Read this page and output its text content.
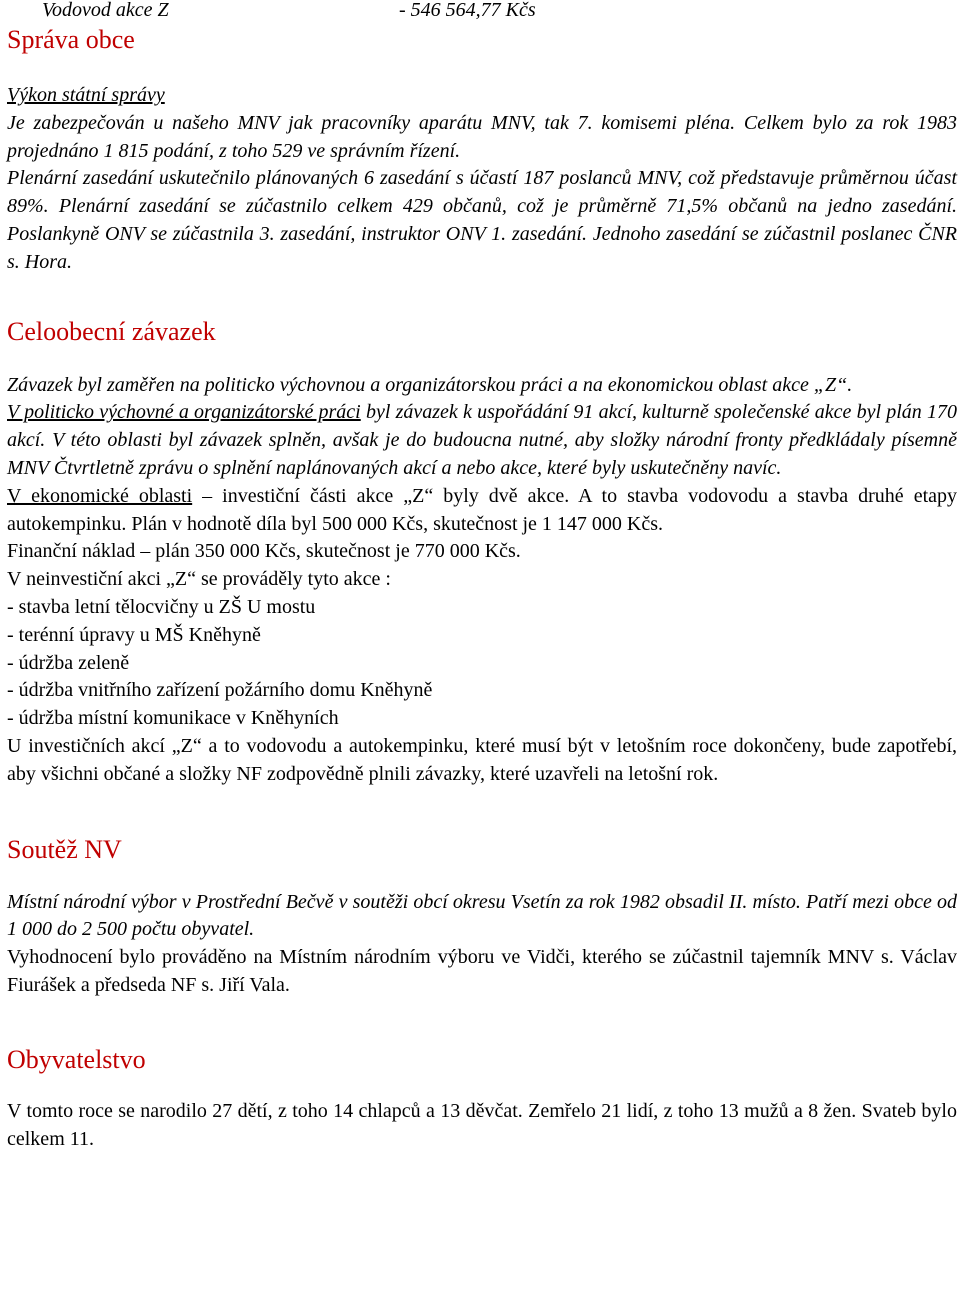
Vodovod akce Z	- 546 564,77 Kčs
Správa obce

Výkon státní správy

Je zabezpečován u našeho MNV jak pracovníky aparátu MNV, tak 7. komisemi pléna. Celkem bylo za rok 1983 projednáno 1 815 podání, z toho 529 ve správním řízení.

Plenární zasedání uskutečnilo plánovaných 6 zasedání s účastí 187 poslanců MNV, což představuje průměrnou účast 89%. Plenární zasedání se zúčastnilo celkem 429 občanů, což je průměrně 71,5% občanů na jedno zasedání. Poslankyně ONV se zúčastnila 3. zasedání, instruktor ONV 1. zasedání. Jednoho zasedání se zúčastnil poslanec ČNR s. Hora.

Celoobecní závazek

Závazek byl zaměřen na politicko výchovnou a organizátorskou práci a na ekonomickou oblast akce „Z“.

V politicko výchovné a organizátorské práci byl závazek k uspořádání 91 akcí, kulturně společenské akce byl plán 170 akcí. V této oblasti byl závazek splněn, avšak je do budoucna nutné, aby složky národní fronty předkládaly písemně MNV Čtvrtletně zprávu o splnění naplánovaných akcí a nebo akce, které byly uskutečněny navíc.

V ekonomické oblasti – investiční části akce „Z“ byly dvě akce. A to stavba vodovodu a stavba druhé etapy autokempinku. Plán v hodnotě díla byl 500 000 Kčs, skutečnost je 1 147 000 Kčs.

Finanční náklad – plán 350 000 Kčs, skutečnost je 770 000 Kčs.

V neinvestiční akci „Z“ se prováděly tyto akce :

- stavba letní tělocvičny u ZŠ U mostu

- terénní úpravy u MŠ Kněhyně

- údržba zeleně

- údržba vnitřního zařízení požárního domu Kněhyně

- údržba místní komunikace v Kněhyních

U investičních akcí „Z“ a to vodovodu a autokempinku, které musí být v letošním roce dokončeny, bude zapotřebí, aby všichni občané a složky NF zodpovědně plnili závazky, které uzavřeli na letošní rok.

Soutěž NV

Místní národní výbor v Prostřední Bečvě v soutěži obcí okresu Vsetín za rok 1982 obsadil II. místo. Patří mezi obce od 1 000 do 2 500 počtu obyvatel.

Vyhodnocení bylo prováděno na Místním národním výboru ve Vidči, kterého se zúčastnil tajemník MNV s. Václav Fiurášek a předseda NF s. Jiří Vala.

Obyvatelstvo

V tomto roce se narodilo 27 dětí, z toho 14 chlapců a 13 děvčat. Zemřelo 21 lidí, z toho 13 mužů a 8 žen. Svateb bylo celkem 11.
